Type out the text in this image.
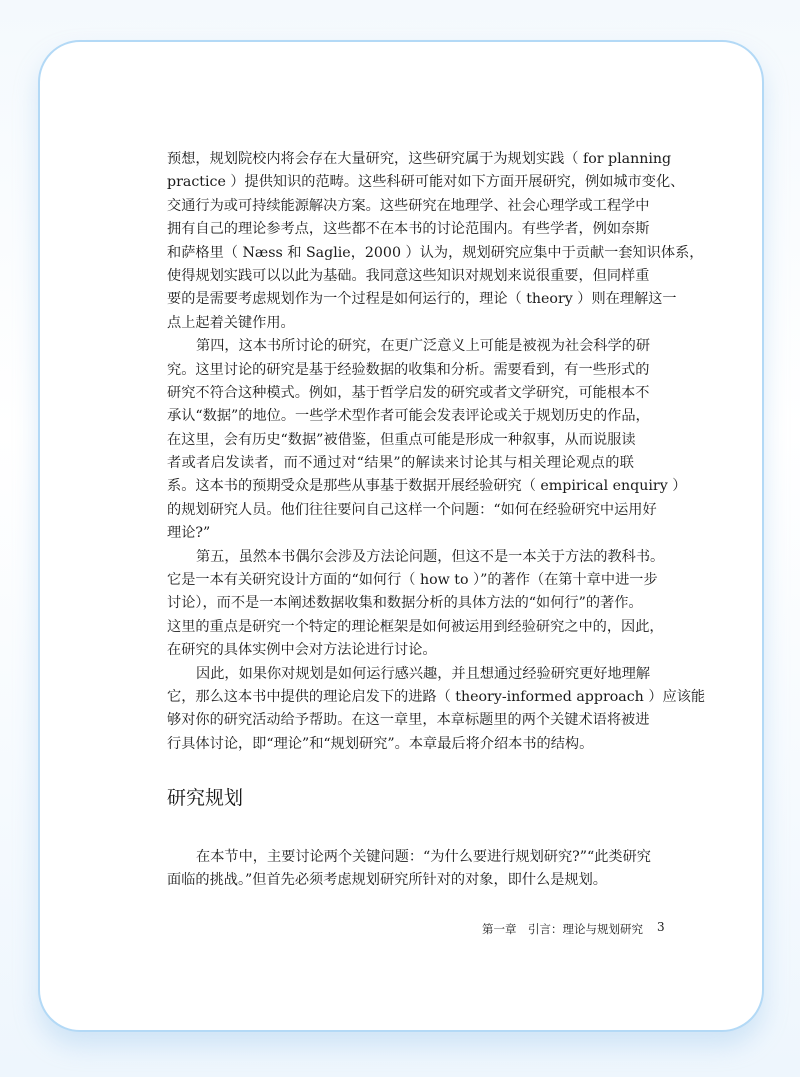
预想，规划院校内将会存在大量研究，这些研究属于为规划实践（ for planning
practice ）提供知识的范畴。这些科研可能对如下方面开展研究，例如城市变化、
交通行为或可持续能源解决方案。这些研究在地理学、社会心理学或工程学中
拥有自己的理论参考点，这些都不在本书的讨论范围内。有些学者，例如奈斯
和萨格里（ Næss 和 Saglie，2000 ）认为，规划研究应集中于贡献一套知识体系，
使得规划实践可以以此为基础。我同意这些知识对规划来说很重要，但同样重
要的是需要考虑规划作为一个过程是如何运行的，理论（ theory ）则在理解这一
点上起着关键作用。
第四，这本书所讨论的研究，在更广泛意义上可能是被视为社会科学的研
究。这里讨论的研究是基于经验数据的收集和分析。需要看到，有一些形式的
研究不符合这种模式。例如，基于哲学启发的研究或者文学研究，可能根本不
承认“数据”的地位。一些学术型作者可能会发表评论或关于规划历史的作品，
在这里，会有历史“数据”被借鉴，但重点可能是形成一种叙事，从而说服读
者或者启发读者，而不通过对“结果”的解读来讨论其与相关理论观点的联
系。这本书的预期受众是那些从事基于数据开展经验研究（ empirical enquiry ）
的规划研究人员。他们往往要问自己这样一个问题：“如何在经验研究中运用好
理论?”
第五，虽然本书偶尔会涉及方法论问题，但这不是一本关于方法的教科书。
它是一本有关研究设计方面的“如何行（ how to ）”的著作（在第十章中进一步
讨论），而不是一本阐述数据收集和数据分析的具体方法的“如何行”的著作。
这里的重点是研究一个特定的理论框架是如何被运用到经验研究之中的，因此，
在研究的具体实例中会对方法论进行讨论。
因此，如果你对规划是如何运行感兴趣，并且想通过经验研究更好地理解
它，那么这本书中提供的理论启发下的进路（ theory-informed approach ）应该能
够对你的研究活动给予帮助。在这一章里，本章标题里的两个关键术语将被进
行具体讨论，即“理论”和“规划研究”。本章最后将介绍本书的结构。
研究规划
在本节中，主要讨论两个关键问题：“为什么要进行规划研究?”“此类研究
面临的挑战。”但首先必须考虑规划研究所针对的对象，即什么是规划。
第一章　引言：理论与规划研究 3
